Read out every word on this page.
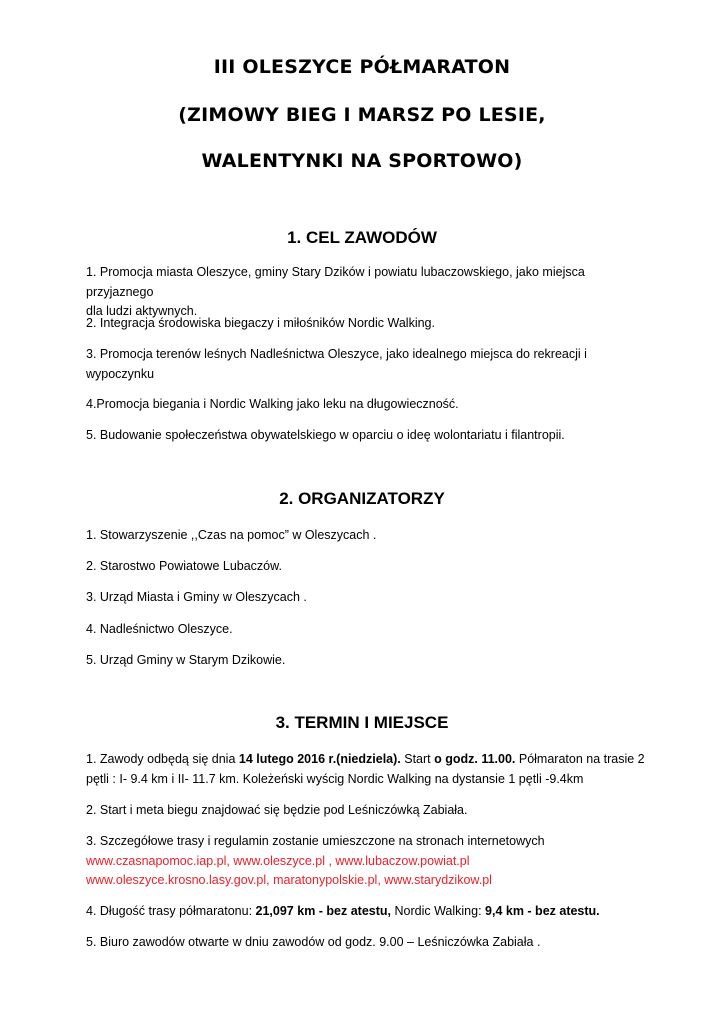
III OLESZYCE PÓŁMARATON
(ZIMOWY BIEG I MARSZ PO LESIE,
WALENTYNKI NA SPORTOWO)
1. CEL ZAWODÓW
1. Promocja miasta Oleszyce, gminy Stary Dzików i powiatu lubaczowskiego, jako miejsca przyjaznego
dla ludzi aktywnych.
2. Integracja środowiska biegaczy i miłośników Nordic Walking.
3. Promocja terenów leśnych Nadleśnictwa Oleszyce, jako idealnego miejsca do rekreacji i
wypoczynku
4.Promocja biegania i Nordic Walking jako leku na długowieczność.
5. Budowanie społeczeństwa obywatelskiego w oparciu o ideę wolontariatu i filantropii.
2. ORGANIZATORZY
1. Stowarzyszenie ,,Czas na pomoc” w Oleszycach .
2. Starostwo Powiatowe Lubaczów.
3. Urząd Miasta i Gminy w Oleszycach .
4. Nadleśnictwo Oleszyce.
5. Urząd Gminy w Starym Dzikowie.
3. TERMIN I MIEJSCE
1. Zawody odbędą się dnia 14 lutego 2016 r.(niedziela). Start o godz. 11.00. Półmaraton na trasie 2
pętli : I- 9.4 km i II- 11.7 km. Koleżeński wyścig Nordic Walking na dystansie 1 pętli -9.4km
2. Start i meta biegu znajdować się będzie pod Leśniczówką Zabiała.
3. Szczegółowe trasy i regulamin zostanie umieszczone na stronach internetowych
www.czasnapomoc.iap.pl, www.oleszyce.pl , www.lubaczow.powiat.pl
www.oleszyce.krosno.lasy.gov.pl, maratonypolskie.pl, www.starydzikow.pl
4. Długość trasy półmaratonu: 21,097 km - bez atestu, Nordic Walking: 9,4 km - bez atestu.
5. Biuro zawodów otwarte w dniu zawodów od godz. 9.00 – Leśniczówka Zabiała .
